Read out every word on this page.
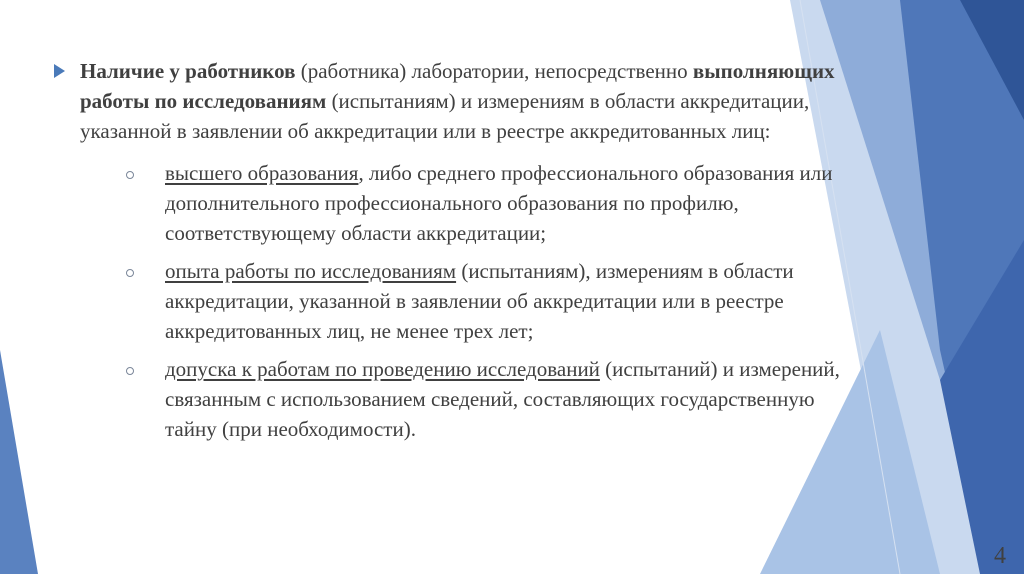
Наличие у работников (работника) лаборатории, непосредственно выполняющих работы по исследованиям (испытаниям) и измерениям в области аккредитации, указанной в заявлении об аккредитации или в реестре аккредитованных лиц:
высшего образования, либо среднего профессионального образования или дополнительного профессионального образования по профилю, соответствующему области аккредитации;
опыта работы по исследованиям (испытаниям), измерениям в области аккредитации, указанной в заявлении об аккредитации или в реестре аккредитованных лиц, не менее трех лет;
допуска к работам по проведению исследований (испытаний) и измерений, связанным с использованием сведений, составляющих государственную тайну (при необходимости).
4
